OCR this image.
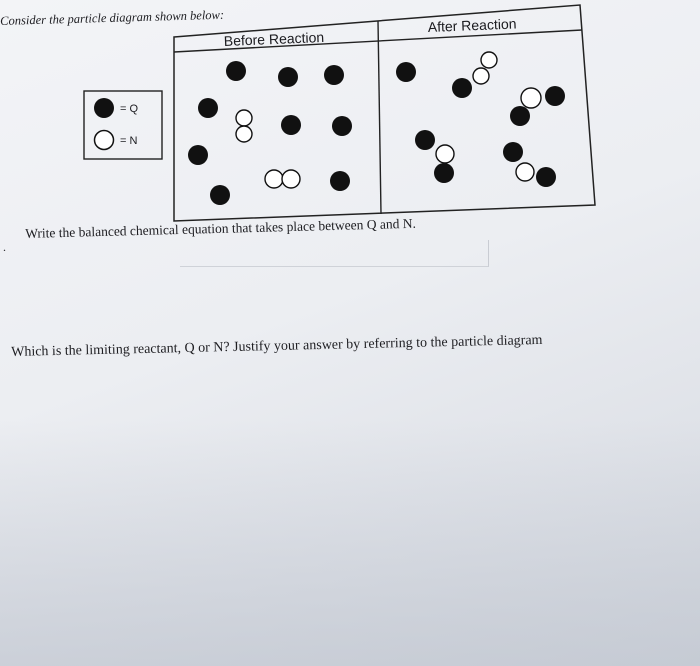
Consider the particle diagram shown below:
= Q
= N
Before Reaction
After Reaction
.
Write the balanced chemical equation that takes place between Q and N.
Which is the limiting reactant, Q or N? Justify your answer by referring to the particle diagram
